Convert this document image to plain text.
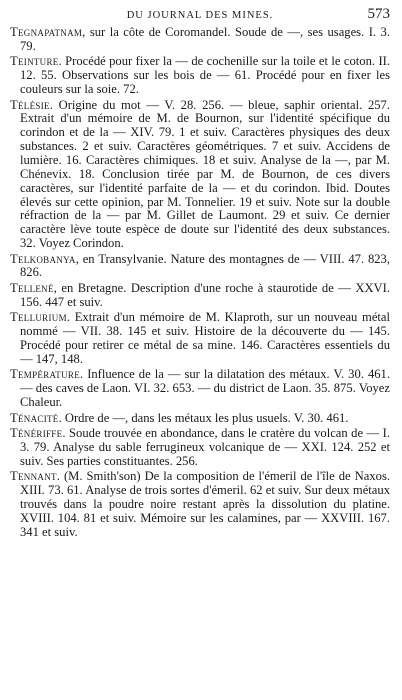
DU JOURNAL DES MINES.	573

Tegnapatnam, sur la côte de Coromandel. Soude de —, ses usages. I. 3. 79.

Teinture. Procédé pour fixer la — de cochenille sur la toile et le coton. II. 12. 55. Observations sur les bois de — 61. Procédé pour en fixer les couleurs sur la soie. 72.

Télésie. Origine du mot — V. 28. 256. — bleue, saphir oriental. 257. Extrait d'un mémoire de M. de Bournon, sur l'identité spécifique du corindon et de la — XIV. 79. 1 et suiv. Caractères physiques des deux substances. 2 et suiv. Caractères géométriques. 7 et suiv. Accidens de lumière. 16. Caractères chimiques. 18 et suiv. Analyse de la —, par M. Chénevix. 18. Conclusion tirée par M. de Bournon, de ces divers caractères, sur l'identité parfaite de la — et du corindon. Ibid. Doutes élevés sur cette opinion, par M. Tonnelier. 19 et suiv. Note sur la double réfraction de la — par M. Gillet de Laumont. 29 et suiv. Ce dernier caractère lève toute espèce de doute sur l'identité des deux substances. 32. Voyez Corindon.

Telkobanya, en Transylvanie. Nature des montagnes de — VIII. 47. 823, 826.

Tellené, en Bretagne. Description d'une roche à staurotide de — XXVI. 156. 447 et suiv.

Tellurium. Extrait d'un mémoire de M. Klaproth, sur un nouveau métal nommé — VII. 38. 145 et suiv. Histoire de la découverte du — 145. Procédé pour retirer ce métal de sa mine. 146. Caractères essentiels du — 147, 148.

Température. Influence de la — sur la dilatation des métaux. V. 30. 461. — des caves de Laon. VI. 32. 653. — du district de Laon. 35. 875. Voyez Chaleur.

Ténacité. Ordre de —, dans les métaux les plus usuels. V. 30. 461.

Ténériffe. Soude trouvée en abondance, dans le cratère du volcan de — I. 3. 79. Analyse du sable ferrugineux volcanique de — XXI. 124. 252 et suiv. Ses parties constituantes. 256.

Tennant. (M. Smith'son) De la composition de l'émeril de l'île de Naxos. XIII. 73. 61. Analyse de trois sortes d'émeril. 62 et suiv. Sur deux métaux trouvés dans la poudre noire restant après la dissolution du platine. XVIII. 104. 81 et suiv. Mémoire sur les calamines, par — XXVIII. 167. 341 et suiv.
